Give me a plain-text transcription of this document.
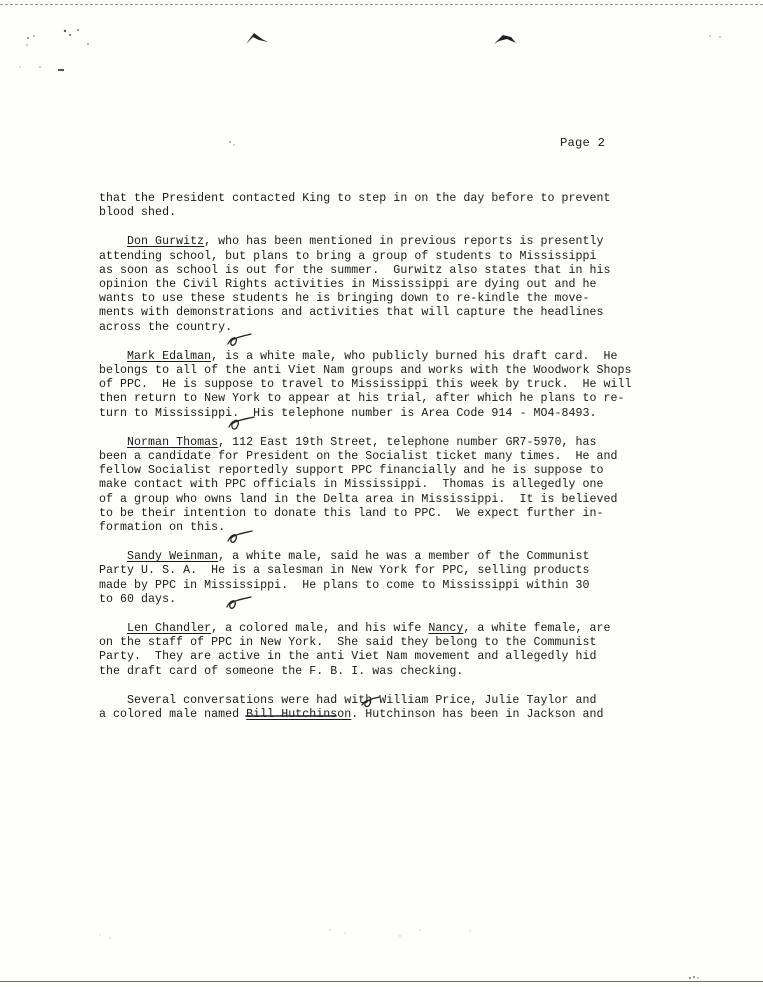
Page 2
that the President contacted King to step in on the day before to prevent
blood shed.
Don Gurwitz, who has been mentioned in previous reports is presently
attending school, but plans to bring a group of students to Mississippi
as soon as school is out for the summer.  Gurwitz also states that in his
opinion the Civil Rights activities in Mississippi are dying out and he
wants to use these students he is bringing down to re-kindle the move-
ments with demonstrations and activities that will capture the headlines
across the country.
Mark Edalman, is a white male, who publicly burned his draft card.  He
belongs to all of the anti Viet Nam groups and works with the Woodwork Shops
of PPC.  He is suppose to travel to Mississippi this week by truck.  He will
then return to New York to appear at his trial, after which he plans to re-
turn to Mississippi.  His telephone number is Area Code 914 - MO4-8493.
Norman Thomas, 112 East 19th Street, telephone number GR7-5970, has
been a candidate for President on the Socialist ticket many times.  He and
fellow Socialist reportedly support PPC financially and he is suppose to
make contact with PPC officials in Mississippi.  Thomas is allegedly one
of a group who owns land in the Delta area in Mississippi.  It is believed
to be their intention to donate this land to PPC.  We expect further in-
formation on this.
Sandy Weinman, a white male, said he was a member of the Communist
Party U. S. A.  He is a salesman in New York for PPC, selling products
made by PPC in Mississippi.  He plans to come to Mississippi within 30
to 60 days.
Len Chandler, a colored male, and his wife Nancy, a white female, are
on the staff of PPC in New York.  She said they belong to the Communist
Party.  They are active in the anti Viet Nam movement and allegedly hid
the draft card of someone the F. B. I. was checking.
Several conversations were had with William Price, Julie Taylor and
a colored male named Bill Hutchinson. Hutchinson has been in Jackson and
